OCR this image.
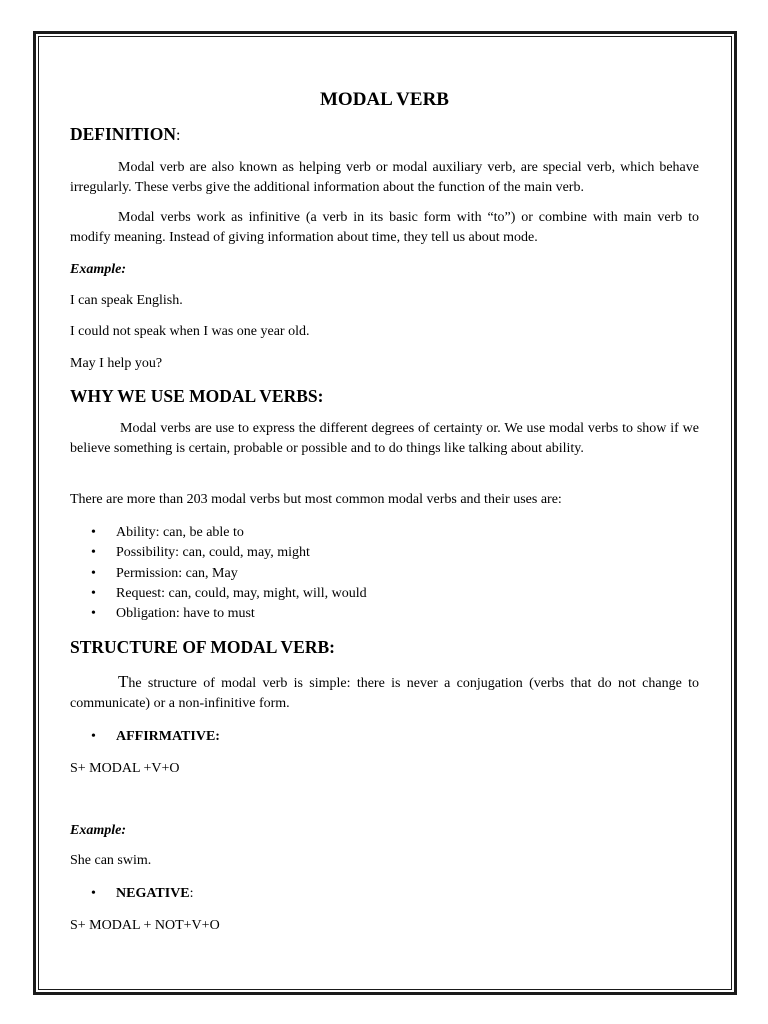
MODAL VERB
DEFINITION:

Modal verb are also known as helping verb or modal auxiliary verb, are special verb, which behave irregularly. These verbs give the additional information about the function of the main verb.

Modal verbs work as infinitive (a verb in its basic form with “to”) or combine with main verb to modify meaning. Instead of giving information about time, they tell us about mode.

Example:

I can speak English.

I could not speak when I was one year old.

May I help you?

WHY WE USE MODAL VERBS:

Modal verbs are use to express the different degrees of certainty or. We use modal verbs to show if we believe something is certain, probable or possible and to do things like talking about ability.

There are more than 203 modal verbs but most common modal verbs and their uses are:

• Ability: can, be able to
• Possibility: can, could, may, might
• Permission: can, May
• Request: can, could, may, might, will, would
• Obligation: have to must
STRUCTURE OF MODAL VERB:

The structure of modal verb is simple: there is never a conjugation (verbs that do not change to communicate) or a non-infinitive form.

• AFFIRMATIVE:

S+ MODAL +V+O

Example:

She can swim.

• NEGATIVE:

S+ MODAL + NOT+V+O
